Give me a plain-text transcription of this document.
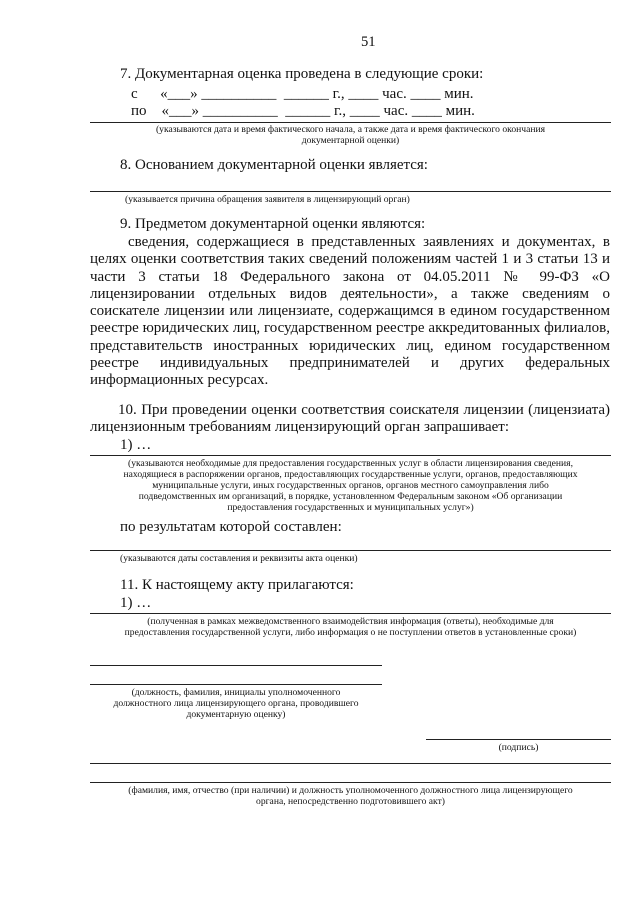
51
7. Документарная оценка проведена в следующие сроки:
с      «___» __________  ______ г., ____ час. ____ мин.
по    «___» __________  ______ г., ____ час. ____ мин.
(указываются дата и время фактического начала, а также дата и время фактического окончания
документарной оценки)
8. Основанием документарной оценки является:
(указывается причина обращения заявителя в лицензирующий орган)
9. Предметом документарной оценки являются:
сведения, содержащиеся в представленных заявлениях и документах, в
целях оценки соответствия таких сведений положениям частей 1 и 3 статьи 13 и
части 3 статьи 18 Федерального закона от 04.05.2011 № 99-ФЗ «О
лицензировании отдельных видов деятельности», а также сведениям о
соискателе лицензии или лицензиате, содержащимся в едином государственном
реестре юридических лиц, государственном реестре аккредитованных филиалов,
представительств иностранных юридических лиц, едином государственном
реестре индивидуальных предпринимателей и других федеральных
информационных ресурсах.
10. При проведении оценки соответствия соискателя лицензии (лицензиата)
лицензионным требованиям лицензирующий орган запрашивает:
1) …
(указываются необходимые для предоставления государственных услуг в области лицензирования сведения,
находящиеся в распоряжении органов, предоставляющих государственные услуги, органов, предоставляющих
муниципальные услуги, иных государственных органов, органов местного самоуправления либо
подведомственных им организаций, в порядке, установленном Федеральным законом «Об организации
предоставления государственных и муниципальных услуг»)
по результатам которой составлен:
(указываются даты составления и реквизиты акта оценки)
11. К настоящему акту прилагаются:
1) …
(полученная в рамках межведомственного взаимодействия информация (ответы), необходимые для
предоставления государственной услуги, либо информация о не поступлении ответов в установленные сроки)
(должность, фамилия, инициалы уполномоченного
должностного лица лицензирующего органа, проводившего
документарную оценку)
(подпись)
(фамилия, имя, отчество (при наличии) и должность уполномоченного должностного лица лицензирующего
органа, непосредственно подготовившего акт)
